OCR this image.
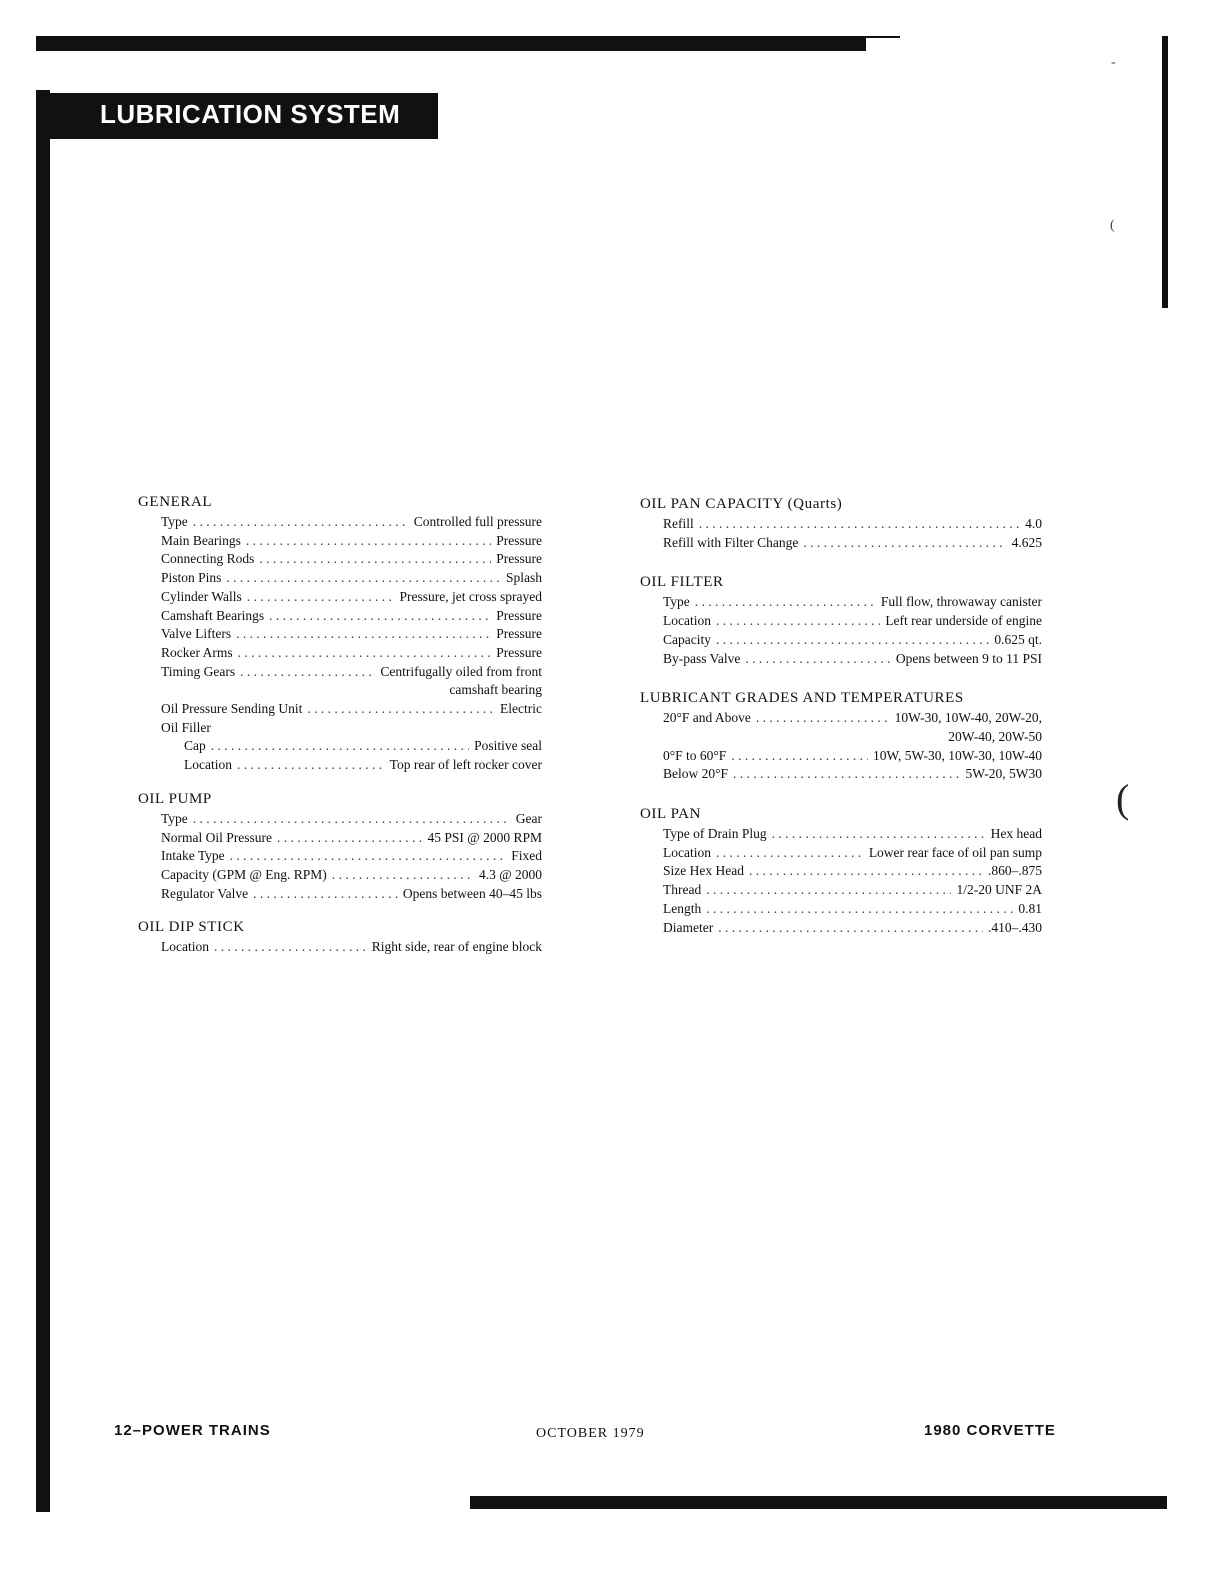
-
(
(
LUBRICATION SYSTEM
GENERAL
Type . . .	Controlled full pressure
Main Bearings . . .	Pressure
Connecting Rods . . .	Pressure
Piston Pins . . .	Splash
Cylinder Walls . . .	Pressure, jet cross sprayed
Camshaft Bearings . . .	Pressure
Valve Lifters . . .	Pressure
Rocker Arms . . .	Pressure
Timing Gears . . .	Centrifugally oiled from front
camshaft bearing
Oil Pressure Sending Unit . . .	Electric
Oil Filler
Cap . . .	Positive seal
Location . . .	Top rear of left rocker cover
OIL PUMP
Type . . .	Gear
Normal Oil Pressure . . .	45 PSI @ 2000 RPM
Intake Type . . .	Fixed
Capacity (GPM @ Eng. RPM) . . .	4.3 @ 2000
Regulator Valve . . .	Opens between 40–45 lbs
OIL DIP STICK
Location . . .	Right side, rear of engine block
OIL PAN CAPACITY (Quarts)
Refill . . .	4.0
Refill with Filter Change . . .	4.625
OIL FILTER
Type . . .	Full flow, throwaway canister
Location . . .	Left rear underside of engine
Capacity . . .	0.625 qt.
By-pass Valve . . .	Opens between 9 to 11 PSI
LUBRICANT GRADES AND TEMPERATURES
20°F and Above . . .	10W-30, 10W-40, 20W-20,
20W-40, 20W-50
0°F to 60°F . . .	10W, 5W-30, 10W-30, 10W-40
Below 20°F . . .	5W-20, 5W30
OIL PAN
Type of Drain Plug . . .	Hex head
Location . . .	Lower rear face of oil pan sump
Size Hex Head . . .	.860–.875
Thread . . .	1/2-20 UNF 2A
Length . . .	0.81
Diameter . . .	.410–.430
12–POWER TRAINS	OCTOBER 1979	1980 CORVETTE
